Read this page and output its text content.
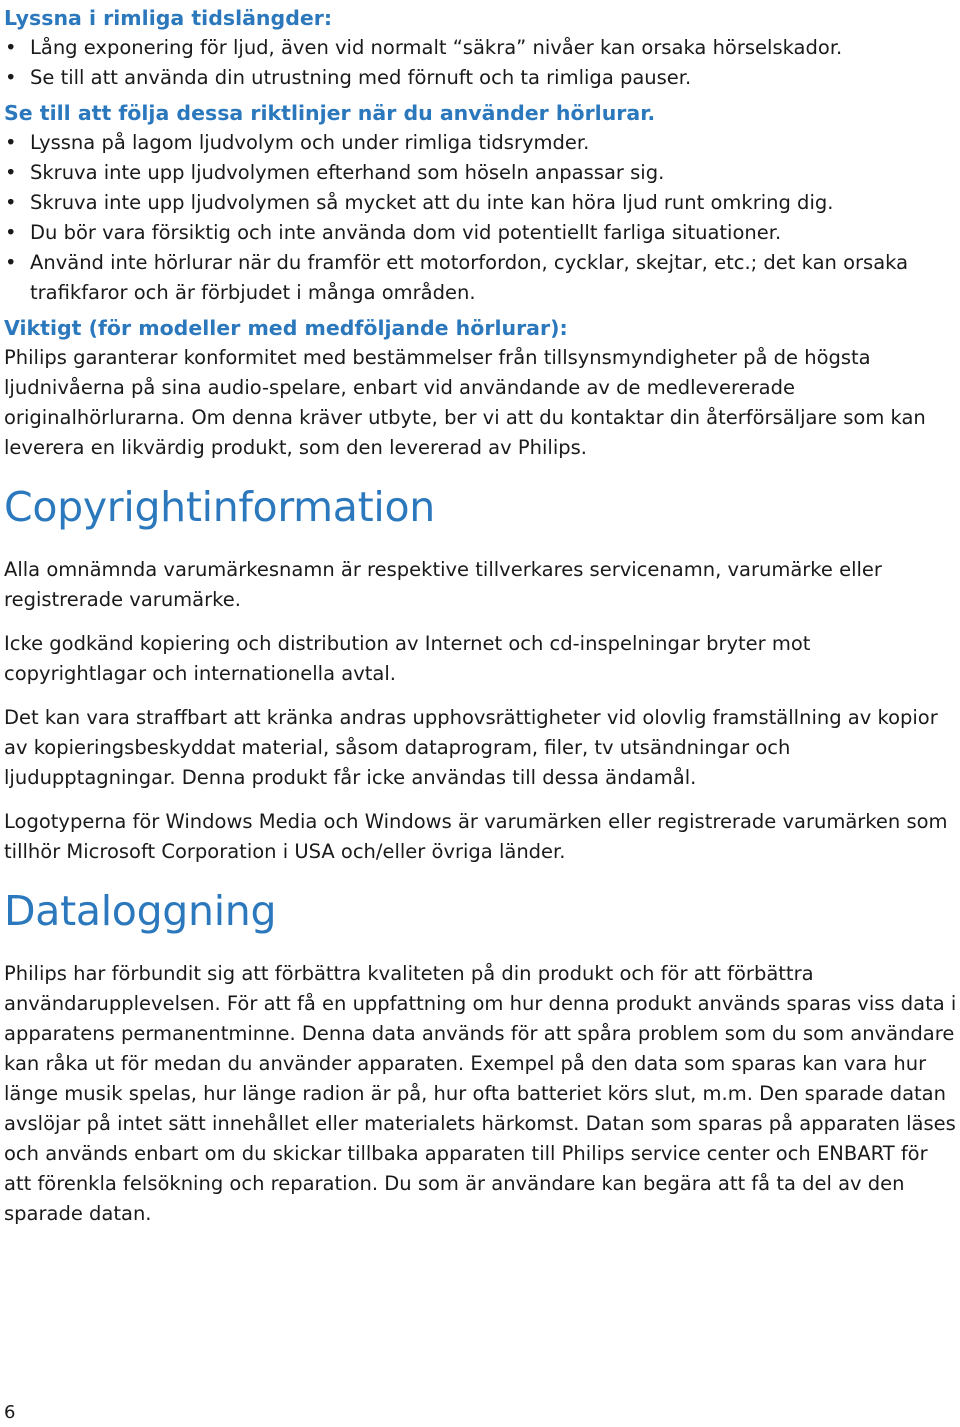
Lyssna i rimliga tidslängder:
• Lång exponering för ljud, även vid normalt “säkra” nivåer kan orsaka hörselskador.
• Se till att använda din utrustning med förnuft och ta rimliga pauser.
Se till att följa dessa riktlinjer när du använder hörlurar.
• Lyssna på lagom ljudvolym och under rimliga tidsrymder.
• Skruva inte upp ljudvolymen efterhand som höseln anpassar sig.
• Skruva inte upp ljudvolymen så mycket att du inte kan höra ljud runt omkring dig.
• Du bör vara försiktig och inte använda dom vid potentiellt farliga situationer.
• Använd inte hörlurar när du framför ett motorfordon, cycklar, skejtar, etc.; det kan orsaka trafikfaror och är förbjudet i många områden.
Viktigt (för modeller med medföljande hörlurar):

Philips garanterar konformitet med bestämmelser från tillsynsmyndigheter på de högsta ljudnivåerna på sina audio-spelare, enbart vid användande av de medlevererade originalhörlurarna. Om denna kräver utbyte, ber vi att du kontaktar din återförsäljare som kan leverera en likvärdig produkt, som den levererad av Philips.

Copyrightinformation

Alla omnämnda varumärkesnamn är respektive tillverkares servicenamn, varumärke eller registrerade varumärke.

Icke godkänd kopiering och distribution av Internet och cd-inspelningar bryter mot copyrightlagar och internationella avtal.

Det kan vara straffbart att kränka andras upphovsrättigheter vid olovlig framställning av kopior av kopieringsbeskyddat material, såsom dataprogram, filer, tv utsändningar och ljudupptagningar. Denna produkt får icke användas till dessa ändamål.

Logotyperna för Windows Media och Windows är varumärken eller registrerade varumärken som tillhör Microsoft Corporation i USA och/eller övriga länder.

Dataloggning

Philips har förbundit sig att förbättra kvaliteten på din produkt och för att förbättra användarupplevelsen. För att få en uppfattning om hur denna produkt används sparas viss data i apparatens permanentminne. Denna data används för att spåra problem som du som användare kan råka ut för medan du använder apparaten. Exempel på den data som sparas kan vara hur länge musik spelas, hur länge radion är på, hur ofta batteriet körs slut, m.m. Den sparade datan avslöjar på intet sätt innehållet eller materialets härkomst. Datan som sparas på apparaten läses och används enbart om du skickar tillbaka apparaten till Philips service center och ENBART för att förenkla felsökning och reparation. Du som är användare kan begära att få ta del av den sparade datan.

6
